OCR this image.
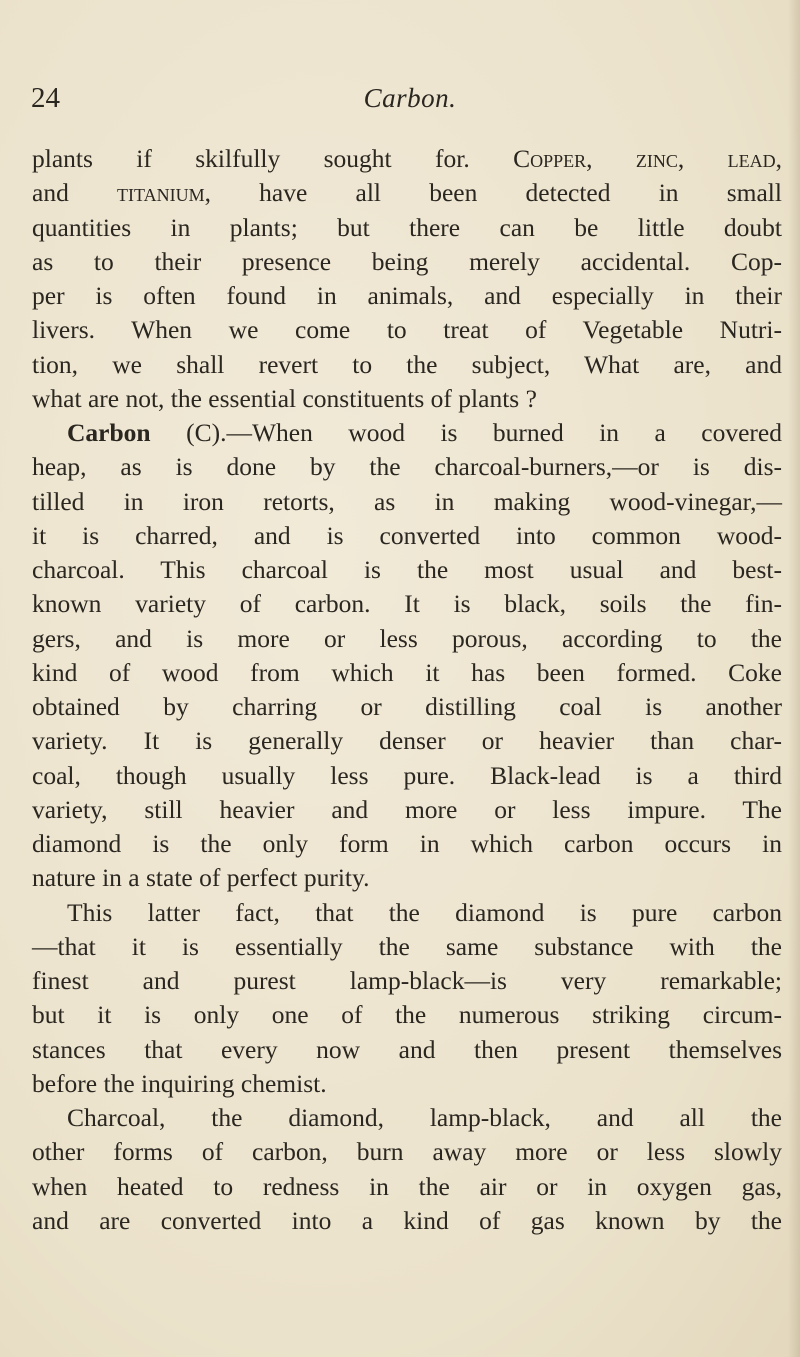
24	Carbon.
plants if skilfully sought for. Copper, zinc, lead,
and titanium, have all been detected in small
quantities in plants; but there can be little doubt
as to their presence being merely accidental. Cop-
per is often found in animals, and especially in their
livers. When we come to treat of Vegetable Nutri-
tion, we shall revert to the subject, What are, and
what are not, the essential constituents of plants ?
Carbon (C).—When wood is burned in a covered
heap, as is done by the charcoal-burners,—or is dis-
tilled in iron retorts, as in making wood-vinegar,—
it is charred, and is converted into common wood-
charcoal. This charcoal is the most usual and best-
known variety of carbon. It is black, soils the fin-
gers, and is more or less porous, according to the
kind of wood from which it has been formed. Coke
obtained by charring or distilling coal is another
variety. It is generally denser or heavier than char-
coal, though usually less pure. Black-lead is a third
variety, still heavier and more or less impure. The
diamond is the only form in which carbon occurs in
nature in a state of perfect purity.
This latter fact, that the diamond is pure carbon
—that it is essentially the same substance with the
finest and purest lamp-black—is very remarkable;
but it is only one of the numerous striking circum-
stances that every now and then present themselves
before the inquiring chemist.
Charcoal, the diamond, lamp-black, and all the
other forms of carbon, burn away more or less slowly
when heated to redness in the air or in oxygen gas,
and are converted into a kind of gas known by the
